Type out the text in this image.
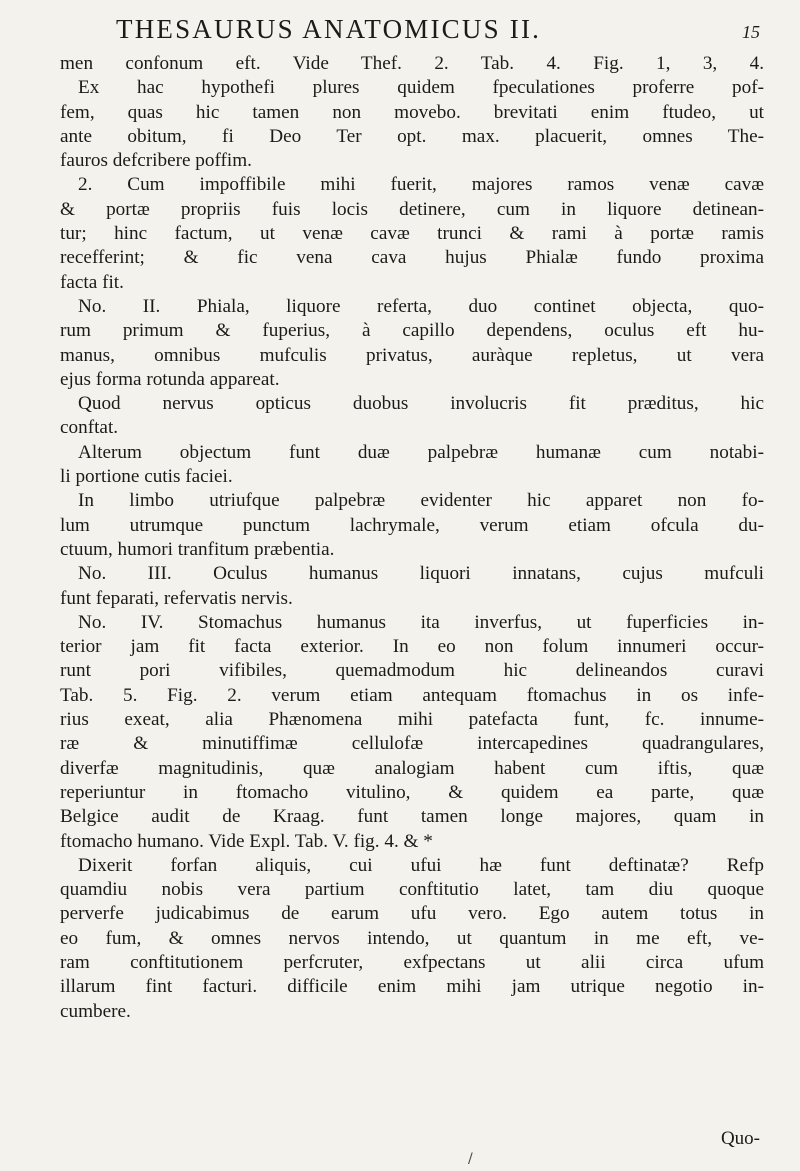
THESAURUS ANATOMICUS II.	15
men confonum eft. Vide Thef. 2. Tab. 4. Fig. 1, 3, 4.
Ex hac hypothefi plures quidem fpeculationes proferre pof-
fem, quas hic tamen non movebo. brevitati enim ftudeo, ut
ante obitum, fi Deo Ter opt. max. placuerit, omnes The-
fauros defcribere poffim.
2. Cum impoffibile mihi fuerit, majores ramos venæ cavæ
& portæ propriis fuis locis detinere, cum in liquore detinean-
tur; hinc factum, ut venæ cavæ trunci & rami à portæ ramis
recefferint; & fic vena cava hujus Phialæ fundo proxima
facta fit.
No. II. Phiala, liquore referta, duo continet objecta, quo-
rum primum & fuperius, à capillo dependens, oculus eft hu-
manus, omnibus mufculis privatus, auràque repletus, ut vera
ejus forma rotunda appareat.
Quod nervus opticus duobus involucris fit præditus, hic
conftat.
Alterum objectum funt duæ palpebræ humanæ cum notabi-
li portione cutis faciei.
In limbo utriufque palpebræ evidenter hic apparet non fo-
lum utrumque punctum lachrymale, verum etiam ofcula du-
ctuum, humori tranfitum præbentia.
No. III. Oculus humanus liquori innatans, cujus mufculi
funt feparati, refervatis nervis.
No. IV. Stomachus humanus ita inverfus, ut fuperficies in-
terior jam fit facta exterior. In eo non folum innumeri occur-
runt pori vifibiles, quemadmodum hic delineandos curavi
Tab. 5. Fig. 2. verum etiam antequam ftomachus in os infe-
rius exeat, alia Phænomena mihi patefacta funt, fc. innume-
ræ & minutiffimæ cellulofæ intercapedines quadrangulares,
diverfæ magnitudinis, quæ analogiam habent cum iftis, quæ
reperiuntur in ftomacho vitulino, & quidem ea parte, quæ
Belgice audit de Kraag. funt tamen longe majores, quam in
ftomacho humano. Vide Expl. Tab. V. fig. 4. & *
Dixerit forfan aliquis, cui ufui hæ funt deftinatæ? Refp
quamdiu nobis vera partium conftitutio latet, tam diu quoque
perverfe judicabimus de earum ufu vero. Ego autem totus in
eo fum, & omnes nervos intendo, ut quantum in me eft, ve-
ram conftitutionem perfcruter, exfpectans ut alii circa ufum
illarum fint facturi. difficile enim mihi jam utrique negotio in-
cumbere.
Quo-
/
